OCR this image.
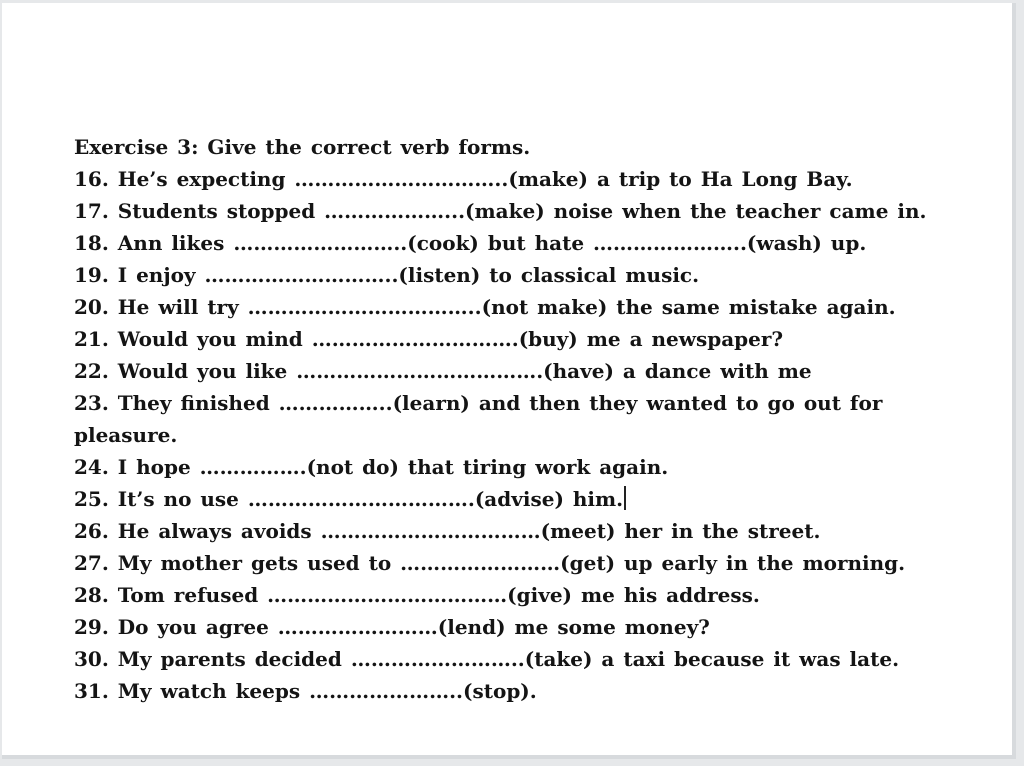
Exercise 3: Give the correct verb forms.
16. He’s expecting …………………………..(make) a trip to Ha Long Bay.
17. Students stopped ………………...(make) noise when the teacher came in.
18. Ann likes ……………………..(cook) but hate …………………..(wash) up.
19. I enjoy ………………………..(listen) to classical music.
20. He will try ……………………………..(not make) the same mistake again.
21. Would you mind ………………………….(buy) me a newspaper?
22. Would you like ……………………………….(have) a dance with me
23. They finished ……………..(learn) and then they wanted to go out for
pleasure.
24. I hope …………….(not do) that tiring work again.
25. It’s no use …………………………….(advise) him.
26. He always avoids ……………………………(meet) her in the street.
27. My mother gets used to ……………………(get) up early in the morning.
28. Tom refused ………………………………(give) me his address.
29. Do you agree ……………………(lend) me some money?
30. My parents decided ……………………..(take) a taxi because it was late.
31. My watch keeps …………………..(stop).
